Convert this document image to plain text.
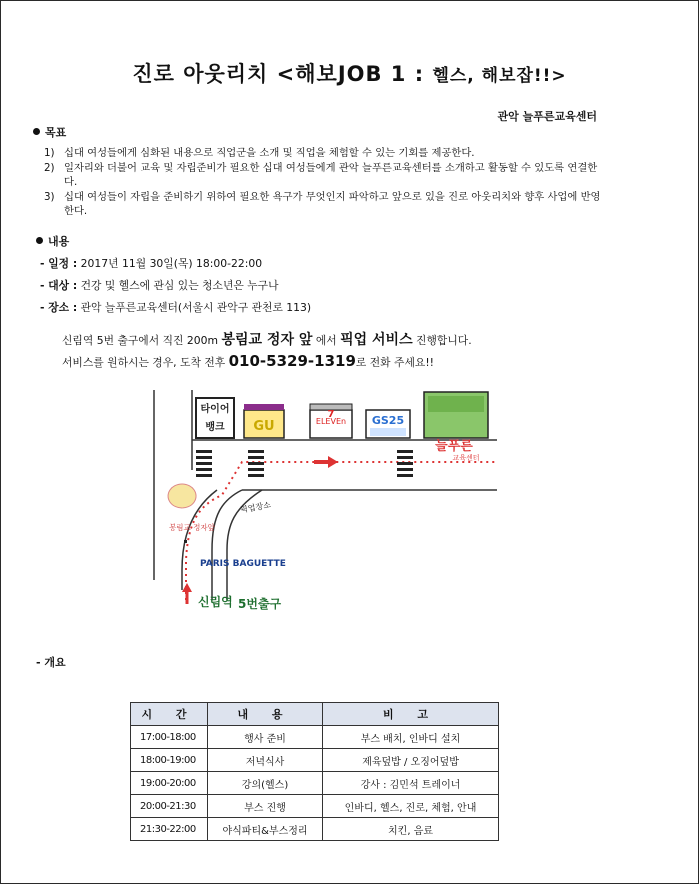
진로 아웃리치 <해보JOB 1 : 헬스, 해보잡!!>
관악 늘푸른교육센터
목표
1) 십대 여성들에게 심화된 내용으로 직업군을 소개 및 직업을 체험할 수 있는 기회를 제공한다.
2) 일자리와 더불어 교육 및 자립준비가 필요한 십대 여성들에게 관악 늘푸른교육센터를 소개하고 활동할 수 있도록 연결한다.
3) 십대 여성들이 자립을 준비하기 위하여 필요한 욕구가 무엇인지 파악하고 앞으로 있을 진로 아웃리치와 향후 사업에 반영한다.
내용
- 일정 : 2017년 11월 30일(목) 18:00-22:00
- 대상 : 건강 및 헬스에 관심 있는 청소년은 누구나
- 장소 : 관악 늘푸른교육센터(서울시 관악구 관천로 113)
신림역 5번 출구에서 직진 200m 봉림교 정자 앞 에서 픽업 서비스 진행합니다.
서비스를 원하시는 경우, 도착 전후 010-5329-1319로 전화 주세요!!
타이어
뱅크 GU	ELEVEn
7	GS25
늘푸른
교육센터
픽업장소
봉림교 정자앞
PARIS BAGUETTE
신림역 5번출구
- 개요
시 간	내 용	비 고
17:00-18:00	행사 준비	부스 배치, 인바디 설치
18:00-19:00	저녁식사	제육덮밥 / 오징어덮밥
19:00-20:00	강의(헬스)	강사 : 김민석 트레이너
20:00-21:30	부스 진행	인바디, 헬스, 진로, 체험, 안내
21:30-22:00	야식파티&부스정리	치킨, 음료
